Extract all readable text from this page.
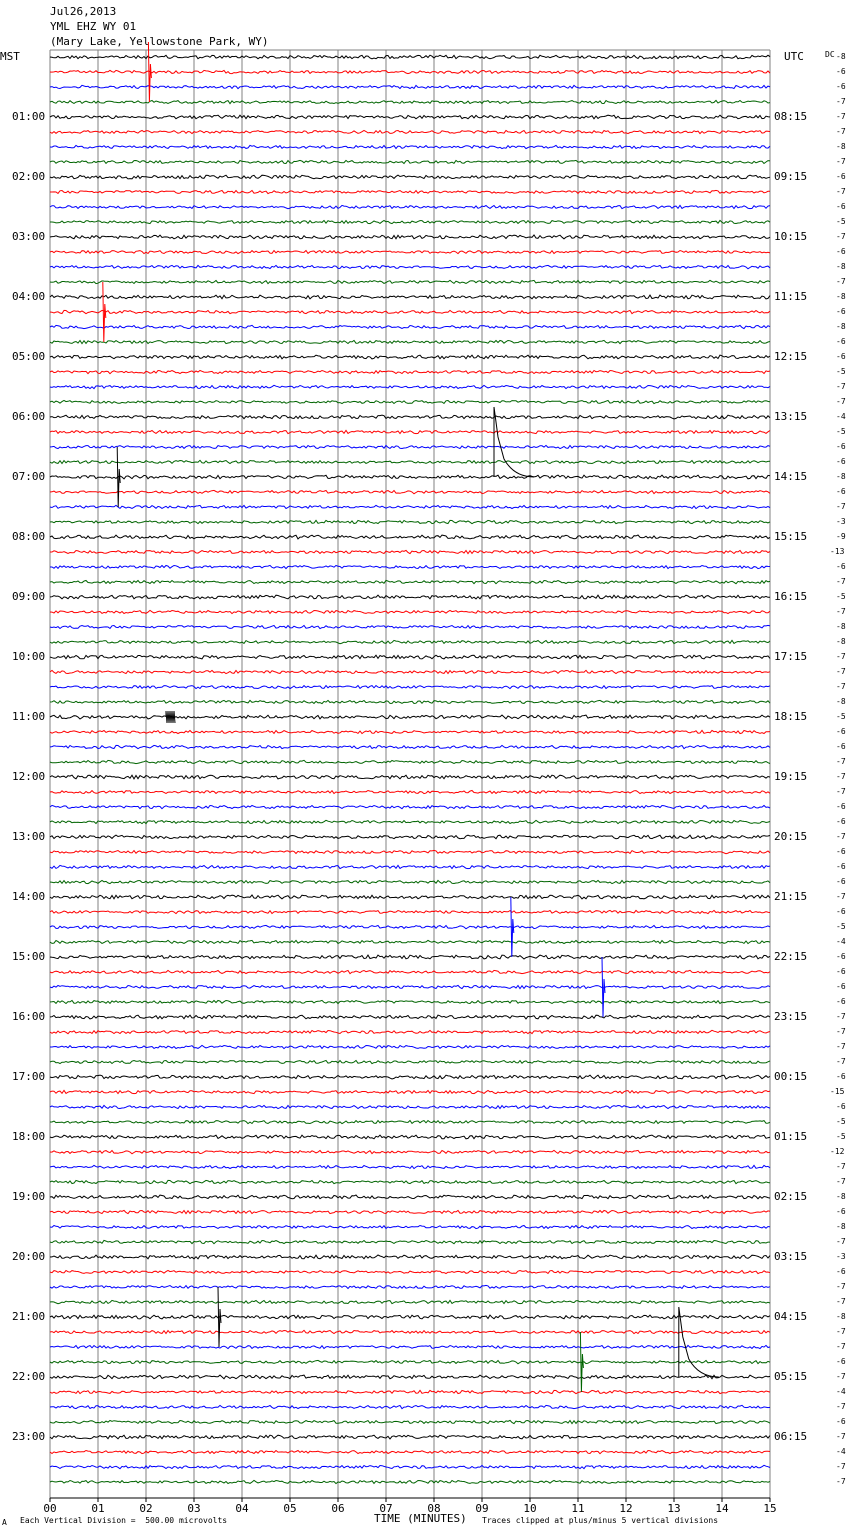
Jul26,2013
YML EHZ WY 01
(Mary Lake, Yellowstone Park, WY)
MST	UTC	DC
00	01	02	03	04	05	06	07	08	09	10	11	12	13	14	15
01:00
02:00
03:00
04:00
05:00
06:00
07:00
08:00
09:00
10:00
11:00
12:00
13:00
14:00
15:00
16:00
17:00
18:00
19:00
20:00
21:00
22:00
23:00
08:15
09:15
10:15
11:15
12:15
13:15
14:15
15:15
16:15
17:15
18:15
19:15
20:15
21:15
22:15
23:15
00:15
01:15
02:15
03:15
04:15
05:15
06:15
-8
-6
-6
-7
-7
-7
-8
-7
-6
-7
-6
-5
-7
-6
-8
-7
-8
-6
-8
-6
-6
-5
-7
-7
-4
-5
-6
-6
-8
-6
-7
-3
-9
-13
-6
-7
-5
-7
-8
-8
-7
-7
-7
-8
-5
-6
-6
-7
-7
-7
-6
-6
-7
-6
-6
-6
-7
-6
-5
-4
-6
-6
-6
-6
-7
-7
-7
-7
-6
-15
-6
-5
-5
-12
-7
-7
-8
-6
-8
-7
-3
-6
-7
-7
-8
-7
-7
-6
-7
-4
-7
-6
-7
-4
-7
-7
A Each Vertical Division =  500.00 microvolts	TIME (MINUTES) Traces clipped at plus/minus 5 vertical divisions
